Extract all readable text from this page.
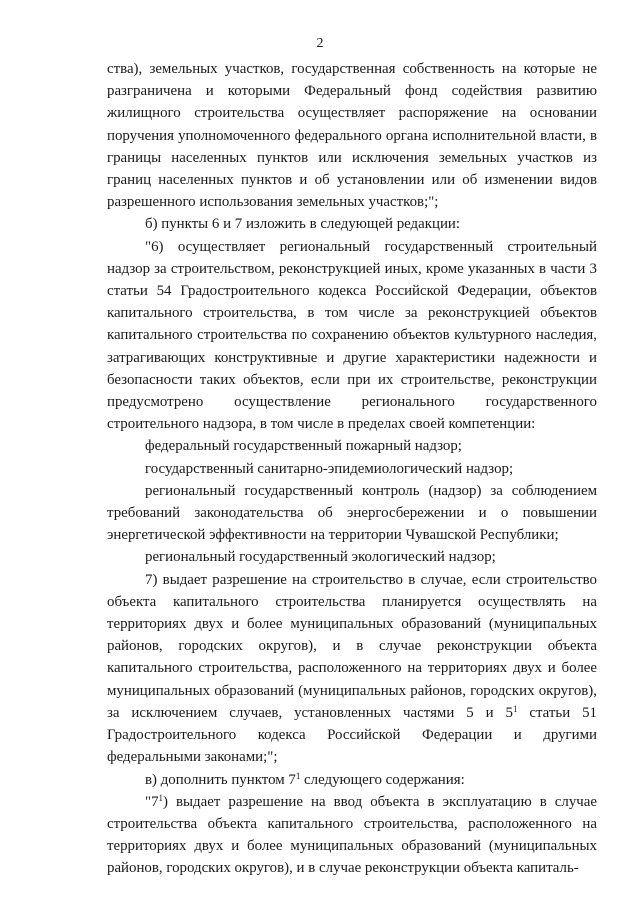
2

ства), земельных участков, государственная собственность на которые не разграничена и которыми Федеральный фонд содействия развитию жилищного строительства осуществляет распоряжение на основании поручения уполномоченного федерального органа исполнительной власти, в границы населенных пунктов или исключения земельных участков из границ населенных пунктов и об установлении или об изменении видов разрешенного использования земельных участков;";

б) пункты 6 и 7 изложить в следующей редакции:

"6) осуществляет региональный государственный строительный надзор за строительством, реконструкцией иных, кроме указанных в части 3 статьи 54 Градостроительного кодекса Российской Федерации, объектов капитального строительства, в том числе за реконструкцией объектов капитального строительства по сохранению объектов культурного наследия, затрагивающих конструктивные и другие характеристики надежности и безопасности таких объектов, если при их строительстве, реконструкции предусмотрено осуществление регионального государственного строительного надзора, в том числе в пределах своей компетенции:

федеральный государственный пожарный надзор;

государственный санитарно-эпидемиологический надзор;

региональный государственный контроль (надзор) за соблюдением требований законодательства об энергосбережении и о повышении энергетической эффективности на территории Чувашской Республики;

региональный государственный экологический надзор;

7) выдает разрешение на строительство в случае, если строительство объекта капитального строительства планируется осуществлять на территориях двух и более муниципальных образований (муниципальных районов, городских округов), и в случае реконструкции объекта капитального строительства, расположенного на территориях двух и более муниципальных образований (муниципальных районов, городских округов), за исключением случаев, установленных частями 5 и $5^1$ статьи 51 Градостроительного кодекса Российской Федерации и другими федеральными законами;";

в) дополнить пунктом $7^1$ следующего содержания:

"$7^1$) выдает разрешение на ввод объекта в эксплуатацию в случае строительства объекта капитального строительства, расположенного на территориях двух и более муниципальных образований (муниципальных районов, городских округов), и в случае реконструкции объекта капиталь-
